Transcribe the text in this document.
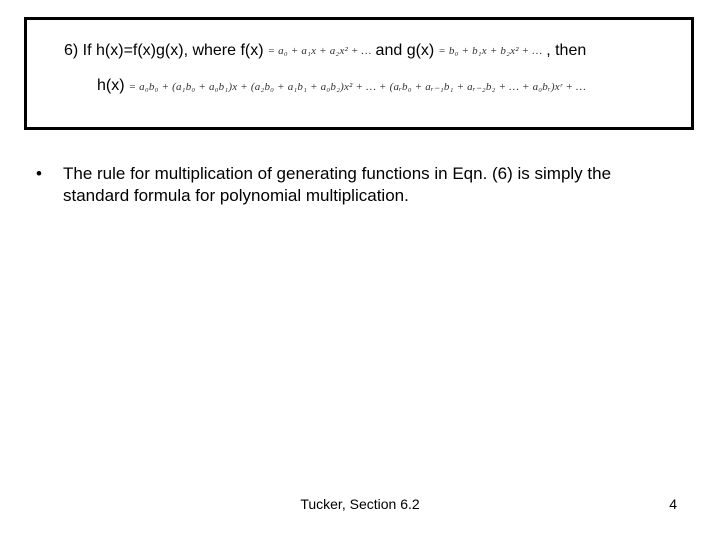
6) If h(x)=f(x)g(x), where f(x) = a₀ + a₁x + a₂x² + … and g(x) = b₀ + b₁x + b₂x² + … , then
h(x) = a₀b₀ + (a₁b₀ + a₀b₁)x + (a₂b₀ + a₁b₁ + a₀b₂)x² + … + (aᵣb₀ + aᵣ₋₁b₁ + aᵣ₋₂b₂ + … + a₀bᵣ)xʳ + …
•	The rule for multiplication of generating functions in Eqn. (6) is simply the standard formula for polynomial multiplication.
Tucker, Section 6.2	4
